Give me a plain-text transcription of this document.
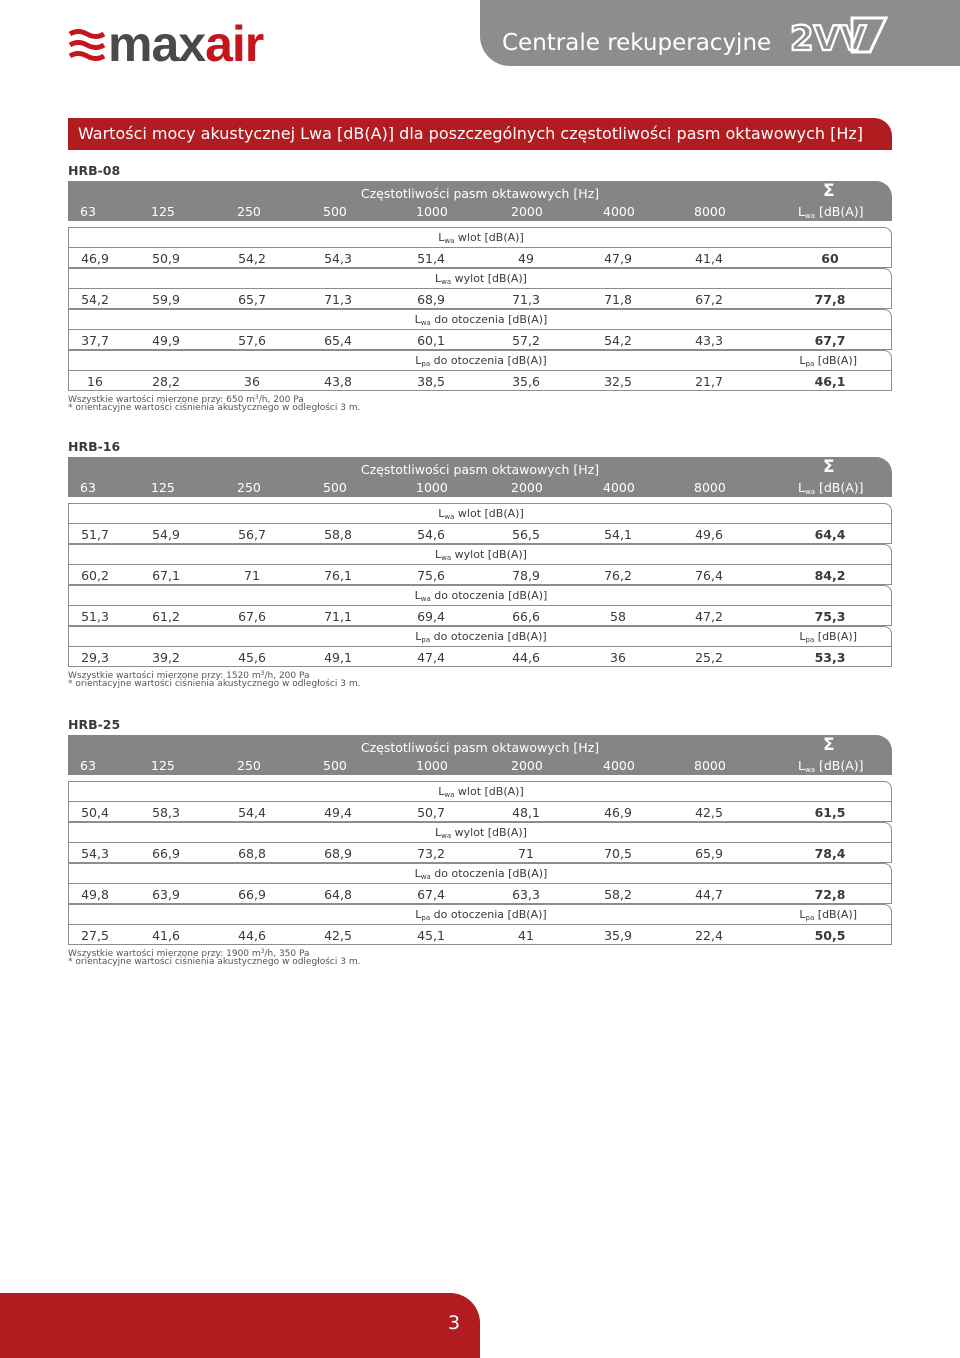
maxair	Centrale rekuperacyjne 2VV
Wartości mocy akustycznej Lwa [dB(A)] dla poszczególnych częstotliwości pasm oktawowych [Hz]
HRB-08
Częstotliwości pasm oktawowych [Hz]
63	125	250	500	1000	2000	4000	8000
Σ
$L_{wa}$ [dB(A)]
$L_{wa}$ wlot [dB(A)]
46,9	50,9	54,2	54,3	51,4	49	47,9	41,4	60
$L_{wa}$ wylot [dB(A)]
54,2	59,9	65,7	71,3	68,9	71,3	71,8	67,2	77,8
$L_{wa}$ do otoczenia [dB(A)]
37,7	49,9	57,6	65,4	60,1	57,2	54,2	43,3	67,7
$L_{pa}$ do otoczenia [dB(A)]	$L_{pa}$ [dB(A)]
16	28,2	36	43,8	38,5	35,6	32,5	21,7	46,1
Wszystkie wartości mierzone przy: 650 $m^3/h$, 200 Pa
* orientacyjne wartości ciśnienia akustycznego w odległości 3 m.
HRB-16
Częstotliwości pasm oktawowych [Hz]
63	125	250	500	1000	2000	4000	8000
Σ
$L_{wa}$ [dB(A)]
$L_{wa}$ wlot [dB(A)]
51,7	54,9	56,7	58,8	54,6	56,5	54,1	49,6	64,4
$L_{wa}$ wylot [dB(A)]
60,2	67,1	71	76,1	75,6	78,9	76,2	76,4	84,2
$L_{wa}$ do otoczenia [dB(A)]
51,3	61,2	67,6	71,1	69,4	66,6	58	47,2	75,3
$L_{pa}$ do otoczenia [dB(A)]	$L_{pa}$ [dB(A)]
29,3	39,2	45,6	49,1	47,4	44,6	36	25,2	53,3
Wszystkie wartości mierzone przy: 1520 $m^3/h$, 200 Pa
* orientacyjne wartości ciśnienia akustycznego w odległości 3 m.
HRB-25
Częstotliwości pasm oktawowych [Hz]
63	125	250	500	1000	2000	4000	8000
Σ
$L_{wa}$ [dB(A)]
$L_{wa}$ wlot [dB(A)]
50,4	58,3	54,4	49,4	50,7	48,1	46,9	42,5	61,5
$L_{wa}$ wylot [dB(A)]
54,3	66,9	68,8	68,9	73,2	71	70,5	65,9	78,4
$L_{wa}$ do otoczenia [dB(A)]
49,8	63,9	66,9	64,8	67,4	63,3	58,2	44,7	72,8
$L_{pa}$ do otoczenia [dB(A)]	$L_{pa}$ [dB(A)]
27,5	41,6	44,6	42,5	45,1	41	35,9	22,4	50,5
Wszystkie wartości mierzone przy: 1900 $m^3/h$, 350 Pa
* orientacyjne wartości ciśnienia akustycznego w odległości 3 m.
3
